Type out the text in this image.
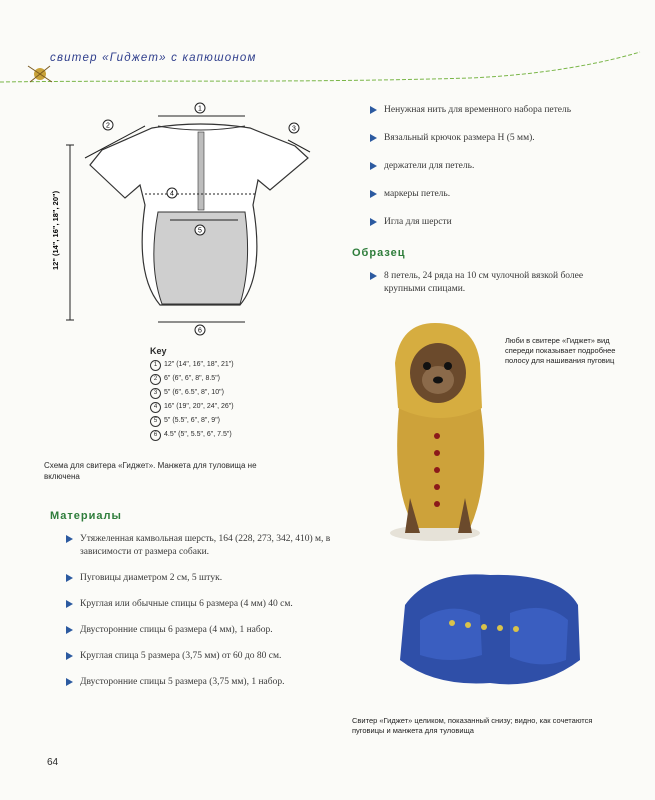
свитер «Гиджет» с капюшоном
12" (14", 16", 18", 20")
1
2	3
4
5
6
Key
1 12" (14", 16", 18", 21")
2 6" (6", 6", 8", 8.5")
3 5" (6", 6.5", 8", 10")
4 16" (19", 20", 24", 26")
5 5" (5.5", 6", 8", 9")
6 4.5" (5", 5.5", 6", 7.5")
Схема для свитера «Гиджет». Манжета для туловища не включена
Ненужная нить для временного набора петель
Вязальный крючок размера H (5 мм).
держатели для петель.
маркеры петель.
Игла для шерсти
Образец
8 петель, 24 ряда на 10 см чулочной вязкой более крупными спицами.
Материалы
Утяжеленная камвольная шерсть, 164 (228, 273, 342, 410) м, в зависимости от размера собаки.
Пуговицы диаметром 2 см, 5 штук.
Круглая или обычные спицы 6 размера (4 мм) 40 см.
Двусторонние спицы 6 размера (4 мм), 1 набор.
Круглая спица 5 размера (3,75 мм) от 60 до 80 см.
Двусторонние спицы 5 размера (3,75 мм), 1 набор.
Люби в свитере «Гиджет» вид спереди показывает подробнее полосу для нашивания пуговиц
Свитер «Гиджет» целиком, показанный снизу; видно, как сочетаются пуговицы и манжета для туловища
64
